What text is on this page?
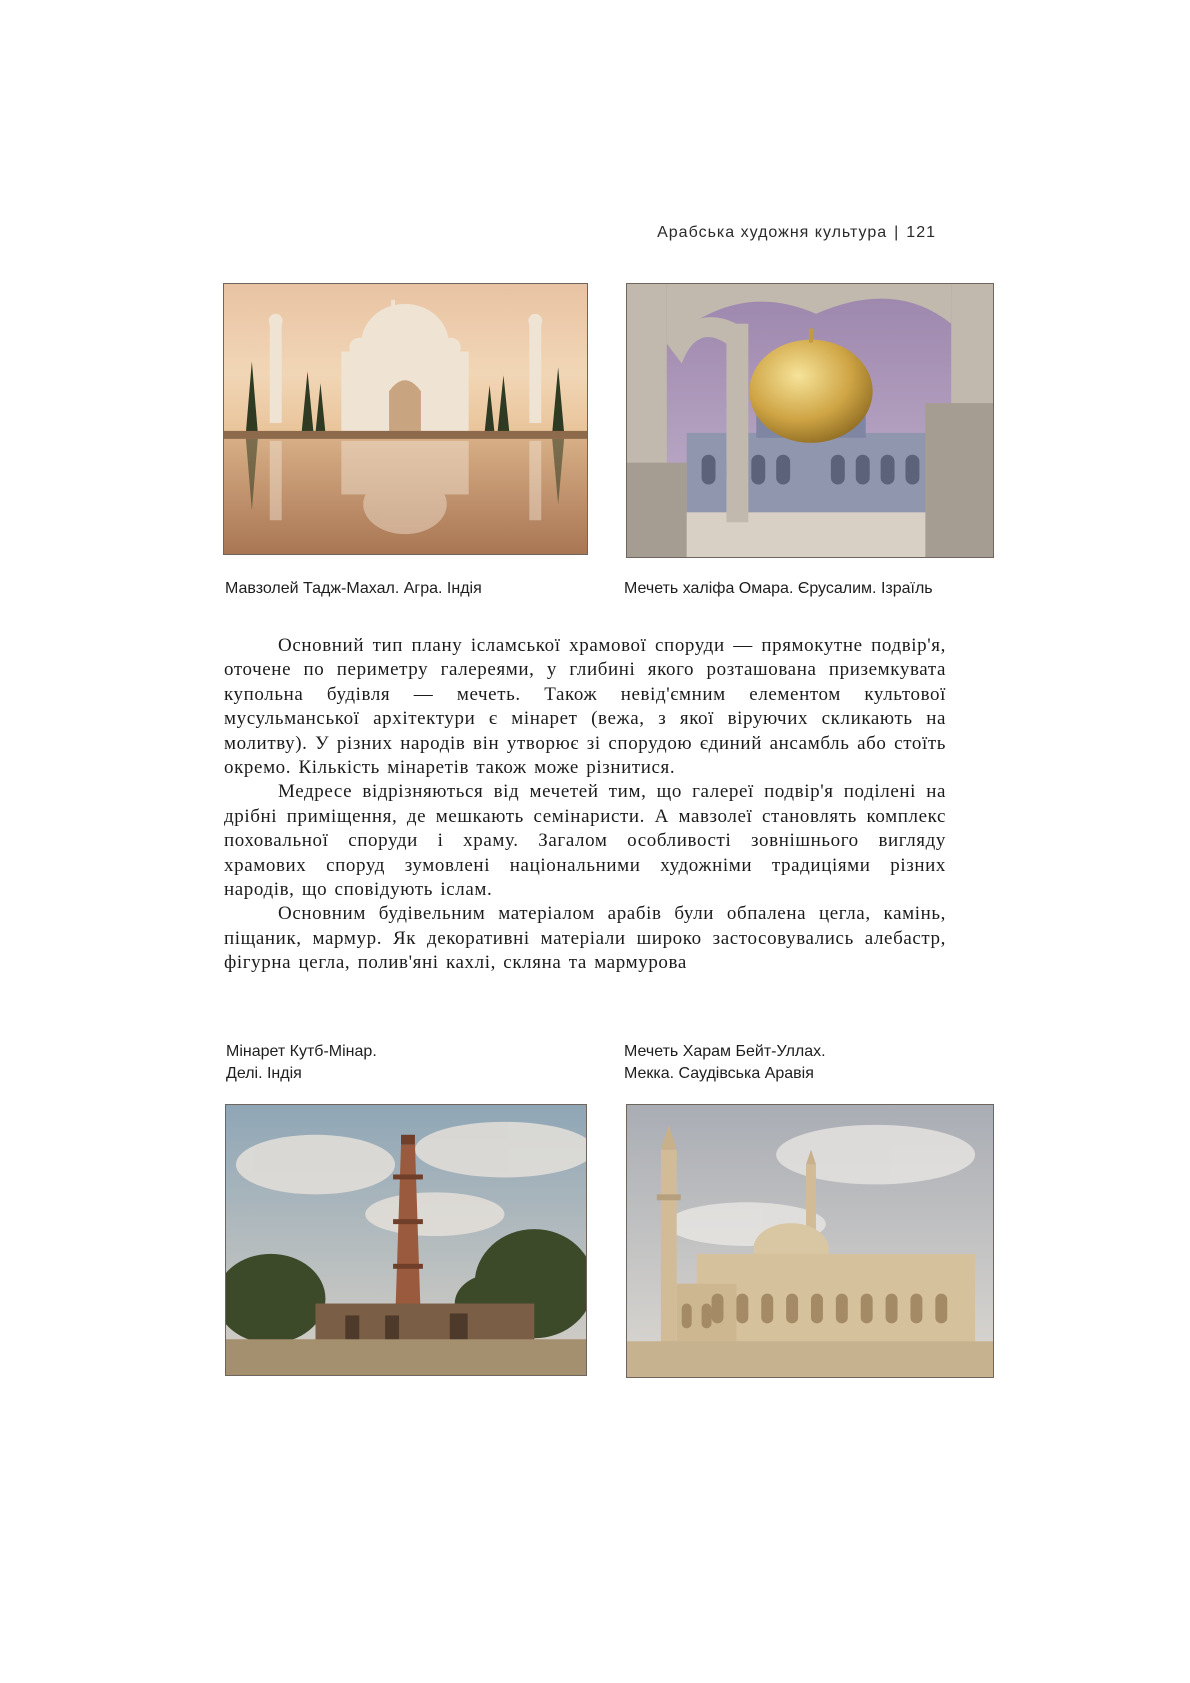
Арабська художня культура | 121
Мавзолей Тадж-Махал. Агра. Індія	Мечеть халіфа Омара. Єрусалим. Ізраїль

Основний тип плану ісламської храмової споруди — прямокутне подвір'я, оточене по периметру галереями, у глибині якого розташована приземкувата купольна будівля — мечеть. Також невід'ємним елементом культової мусульманської архітектури є мінарет (вежа, з якої віруючих скликають на молитву). У різних народів він утворює зі спорудою єдиний ансамбль або стоїть окремо. Кількість мінаретів також може різнитися.

Медресе відрізняються від мечетей тим, що галереї подвір'я поділені на дрібні приміщення, де мешкають семінаристи. А мавзолеї становлять комплекс поховальної споруди і храму. Загалом особливості зовнішнього вигляду храмових споруд зумовлені національними художніми традиціями різних народів, що сповідують іслам.

Основним будівельним матеріалом арабів були обпалена цегла, камінь, піщаник, мармур. Як декоративні матеріали широко застосовувались алебастр, фігурна цегла, полив'яні кахлі, скляна та мармурова

Мінарет Кутб-Мінар.
Делі. Індія
Мечеть Харам Бейт-Уллах.
Мекка. Саудівська Аравія
